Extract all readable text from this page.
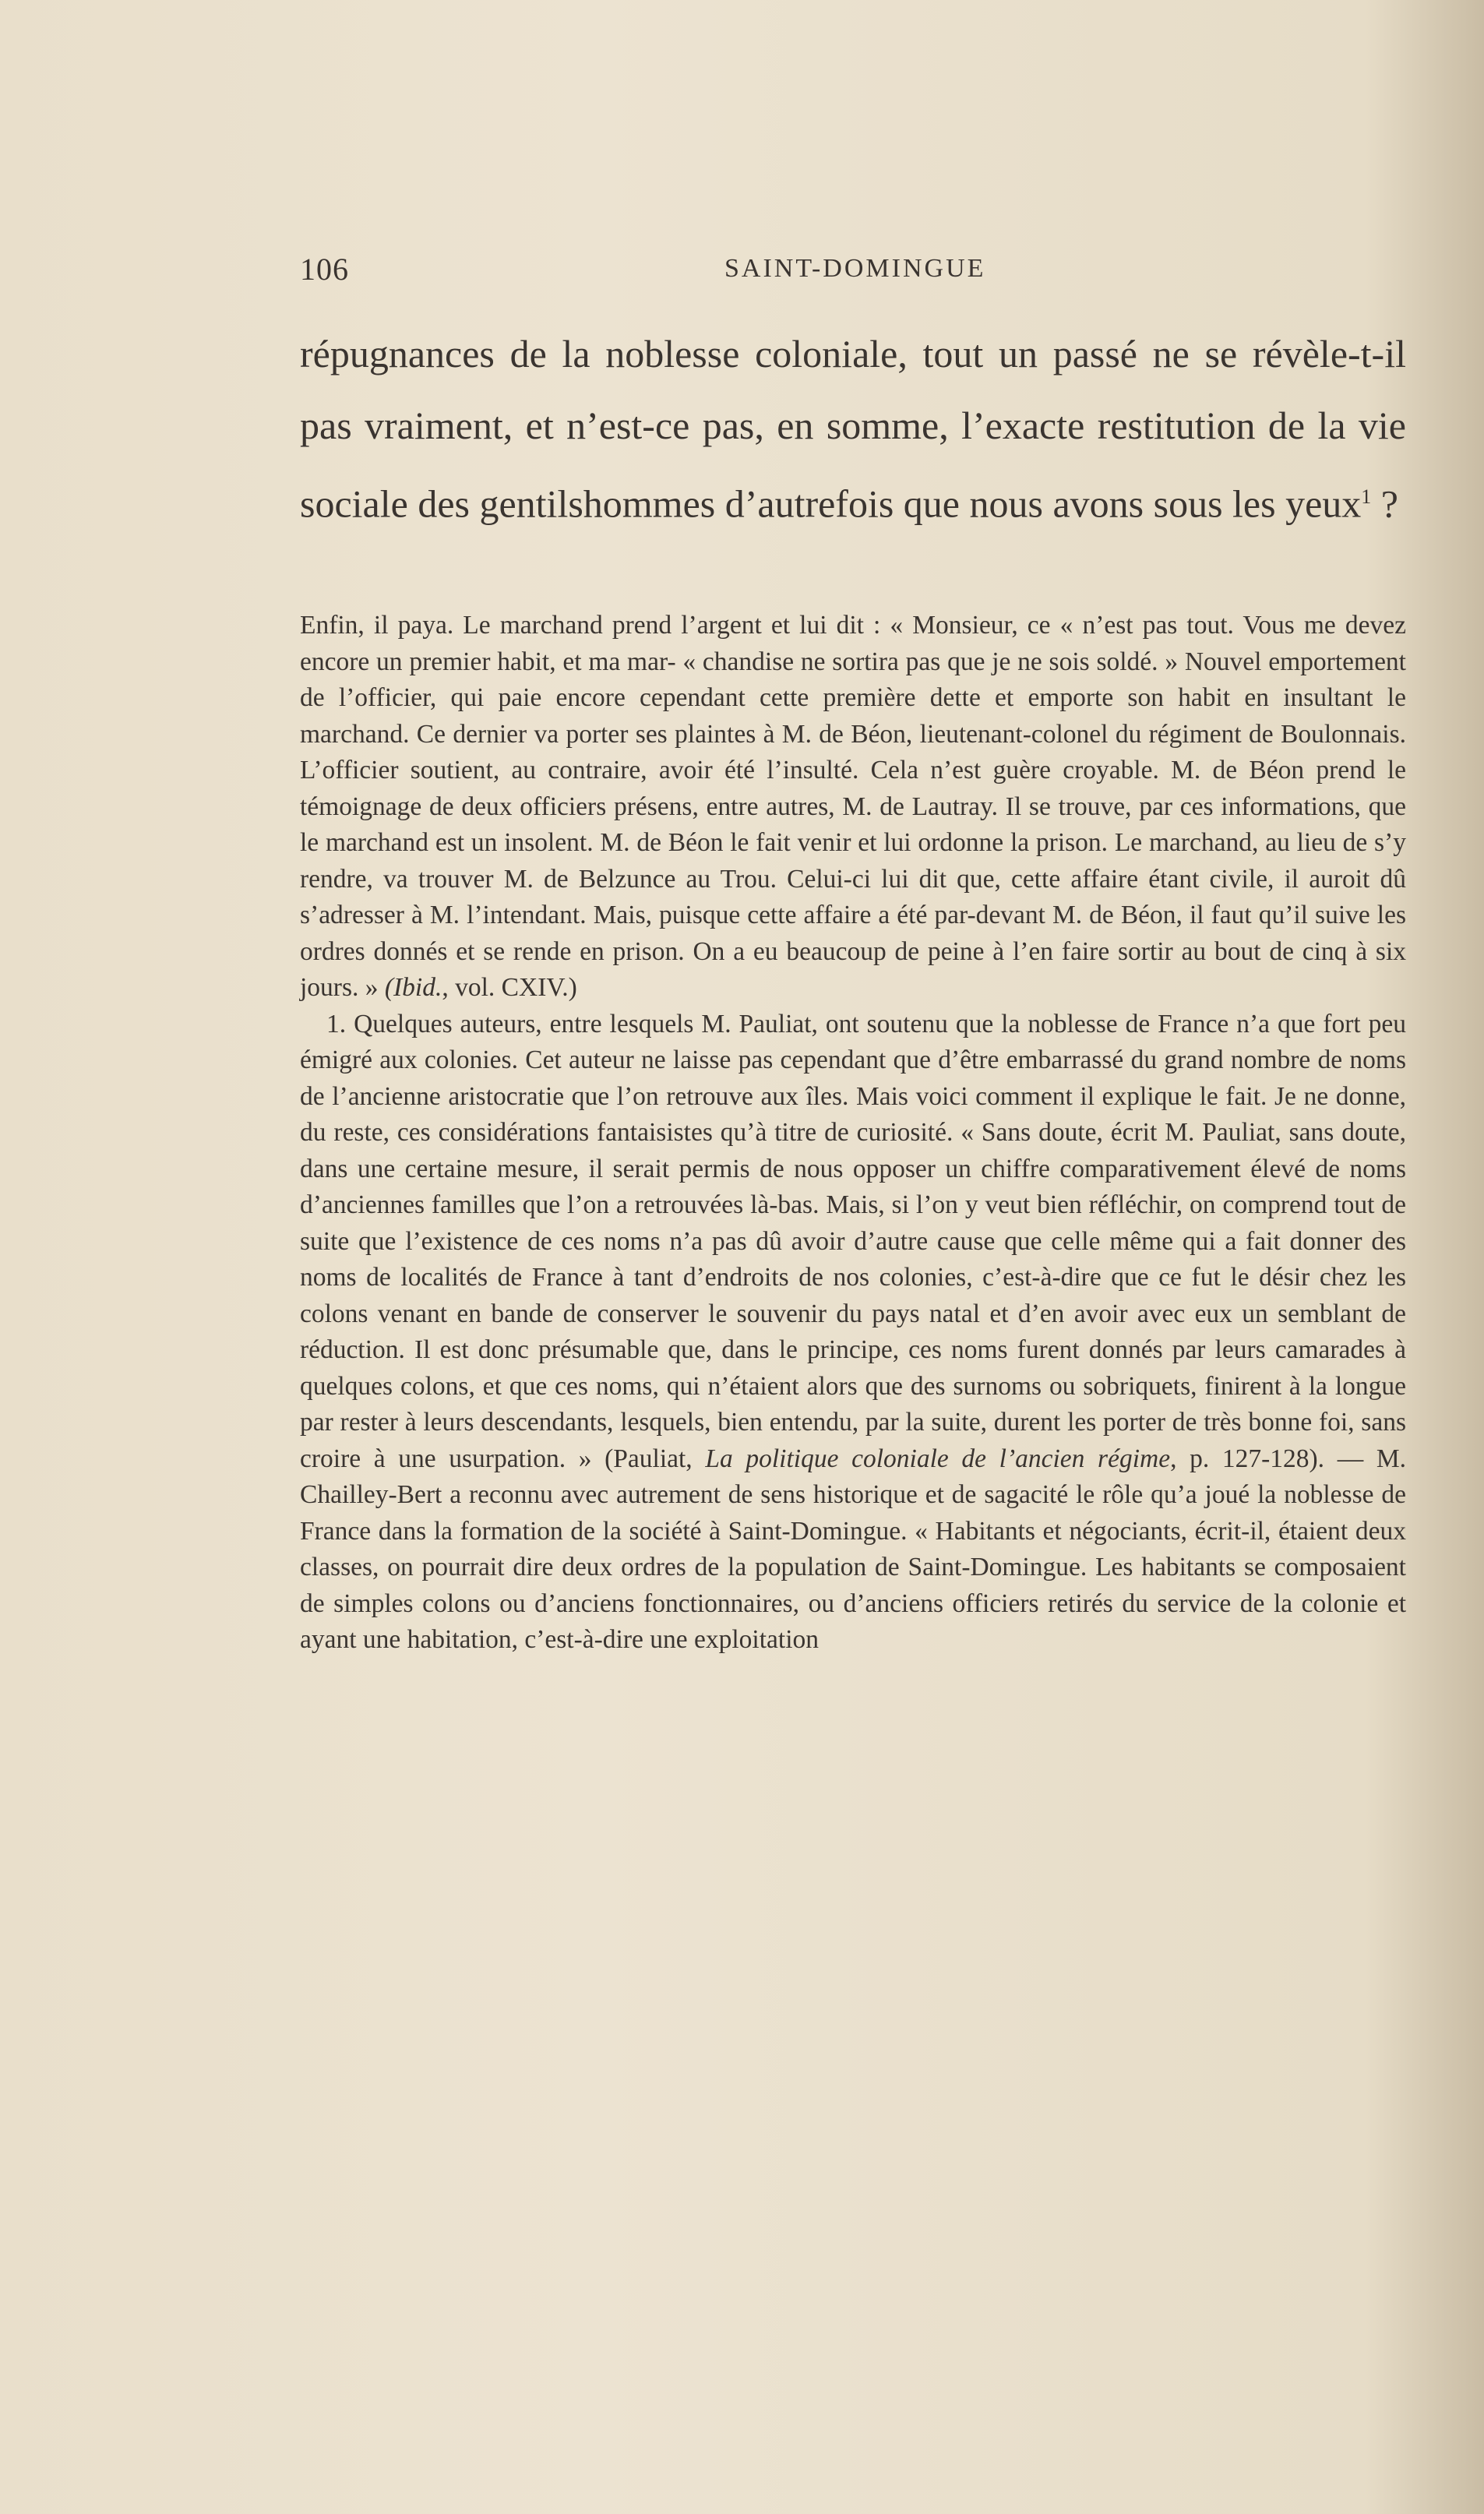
106	SAINT-DOMINGUE

répugnances de la noblesse coloniale, tout un passé ne se révèle-t-il pas vraiment, et n’est-ce pas, en somme, l’exacte restitution de la vie sociale des gentilshommes d’autrefois que nous avons sous les yeux$^1$ ?

Enfin, il paya. Le marchand prend l’argent et lui dit : « Monsieur, ce « n’est pas tout. Vous me devez encore un premier habit, et ma mar- « chandise ne sortira pas que je ne sois soldé. » Nouvel emportement de l’officier, qui paie encore cependant cette première dette et emporte son habit en insultant le marchand. Ce dernier va porter ses plaintes à M. de Béon, lieutenant-colonel du régiment de Boulonnais. L’officier soutient, au contraire, avoir été l’insulté. Cela n’est guère croyable. M. de Béon prend le témoignage de deux officiers présens, entre autres, M. de Lautray. Il se trouve, par ces informations, que le marchand est un insolent. M. de Béon le fait venir et lui ordonne la prison. Le marchand, au lieu de s’y rendre, va trouver M. de Belzunce au Trou. Celui-ci lui dit que, cette affaire étant civile, il auroit dû s’adresser à M. l’intendant. Mais, puisque cette affaire a été par-devant M. de Béon, il faut qu’il suive les ordres donnés et se rende en prison. On a eu beaucoup de peine à l’en faire sortir au bout de cinq à six jours. » (Ibid., vol. CXIV.)

1. Quelques auteurs, entre lesquels M. Pauliat, ont soutenu que la noblesse de France n’a que fort peu émigré aux colonies. Cet auteur ne laisse pas cependant que d’être embarrassé du grand nombre de noms de l’ancienne aristocratie que l’on retrouve aux îles. Mais voici comment il explique le fait. Je ne donne, du reste, ces considérations fantaisistes qu’à titre de curiosité. « Sans doute, écrit M. Pauliat, sans doute, dans une certaine mesure, il serait permis de nous opposer un chiffre comparativement élevé de noms d’anciennes familles que l’on a retrouvées là-bas. Mais, si l’on y veut bien réfléchir, on comprend tout de suite que l’existence de ces noms n’a pas dû avoir d’autre cause que celle même qui a fait donner des noms de localités de France à tant d’endroits de nos colonies, c’est-à-dire que ce fut le désir chez les colons venant en bande de conserver le souvenir du pays natal et d’en avoir avec eux un semblant de réduction. Il est donc présumable que, dans le principe, ces noms furent donnés par leurs camarades à quelques colons, et que ces noms, qui n’étaient alors que des surnoms ou sobriquets, finirent à la longue par rester à leurs descendants, lesquels, bien entendu, par la suite, durent les porter de très bonne foi, sans croire à une usurpation. » (Pauliat, La politique coloniale de l’ancien régime, p. 127-128). — M. Chailley-Bert a reconnu avec autrement de sens historique et de sagacité le rôle qu’a joué la noblesse de France dans la formation de la société à Saint-Domingue. « Habitants et négociants, écrit-il, étaient deux classes, on pourrait dire deux ordres de la population de Saint-Domingue. Les habitants se composaient de simples colons ou d’anciens fonctionnaires, ou d’anciens officiers retirés du service de la colonie et ayant une habitation, c’est-à-dire une exploitation
